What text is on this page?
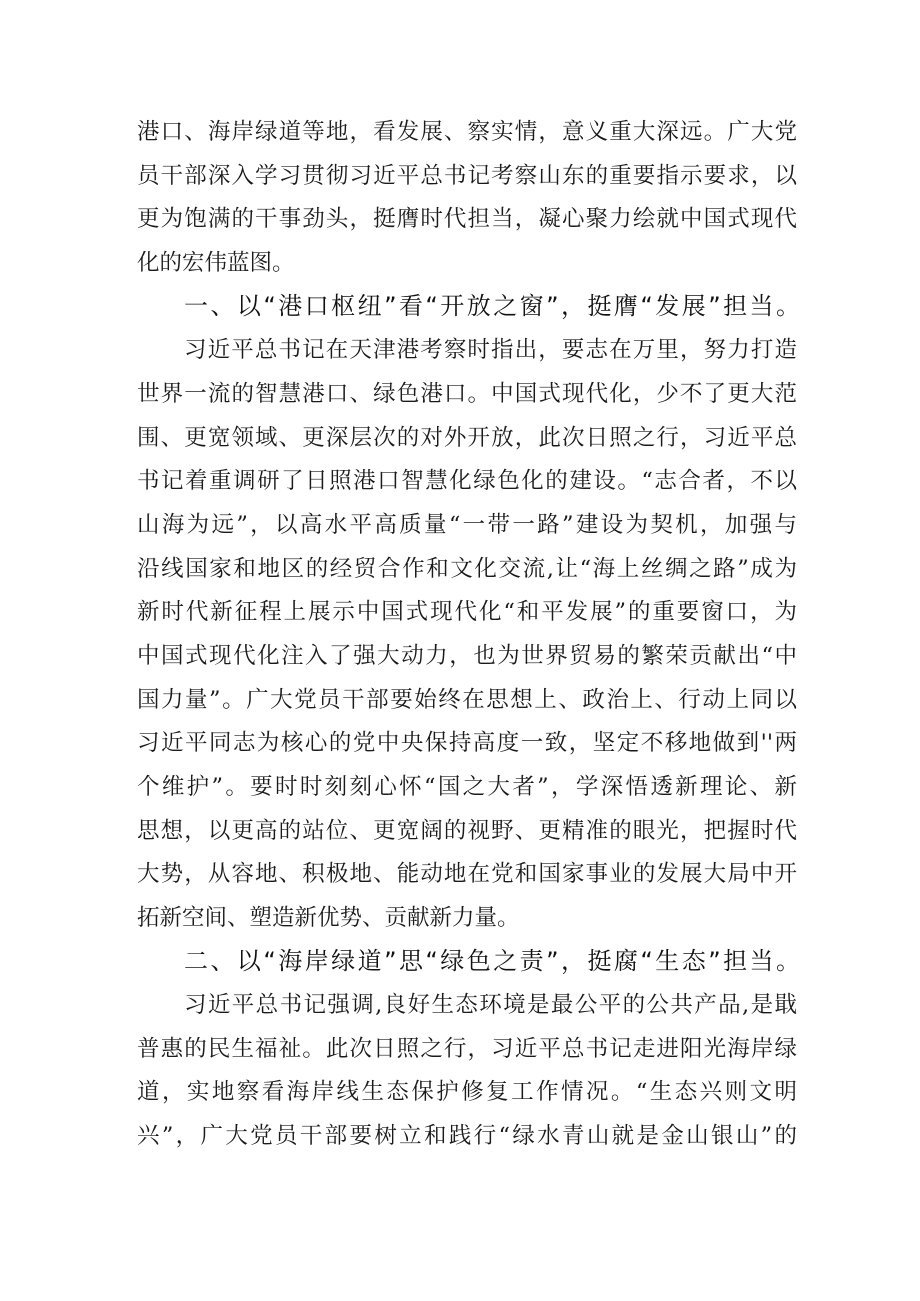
港口、海岸绿道等地，看发展、察实情，意义重大深远。广大党
员干部深入学习贯彻习近平总书记考察山东的重要指示要求，以
更为饱满的干事劲头，挺膺时代担当，凝心聚力绘就中国式现代
化的宏伟蓝图。
一、以“港口枢纽”看“开放之窗”，挺膺“发展”担当。
习近平总书记在天津港考察时指出，要志在万里，努力打造
世界一流的智慧港口、绿色港口。中国式现代化，少不了更大范
围、更宽领域、更深层次的对外开放，此次日照之行，习近平总
书记着重调研了日照港口智慧化绿色化的建设。“志合者，不以
山海为远”，以高水平高质量“一带一路”建设为契机，加强与
沿线国家和地区的经贸合作和文化交流,让“海上丝绸之路”成为
新时代新征程上展示中国式现代化“和平发展”的重要窗口，为
中国式现代化注入了强大动力，也为世界贸易的繁荣贡献出“中
国力量”。广大党员干部要始终在思想上、政治上、行动上同以
习近平同志为核心的党中央保持高度一致，坚定不移地做到''两
个维护”。要时时刻刻心怀“国之大者”，学深悟透新理论、新
思想，以更高的站位、更宽阔的视野、更精准的眼光，把握时代
大势，从容地、积极地、能动地在党和国家事业的发展大局中开
拓新空间、塑造新优势、贡献新力量。
二、以“海岸绿道”思“绿色之责”，挺腐“生态”担当。
习近平总书记强调,良好生态环境是最公平的公共产品,是戢
普惠的民生福祉。此次日照之行，习近平总书记走进阳光海岸绿
道，实地察看海岸线生态保护修复工作情况。“生态兴则文明
兴”，广大党员干部要树立和践行“绿水青山就是金山银山”的
